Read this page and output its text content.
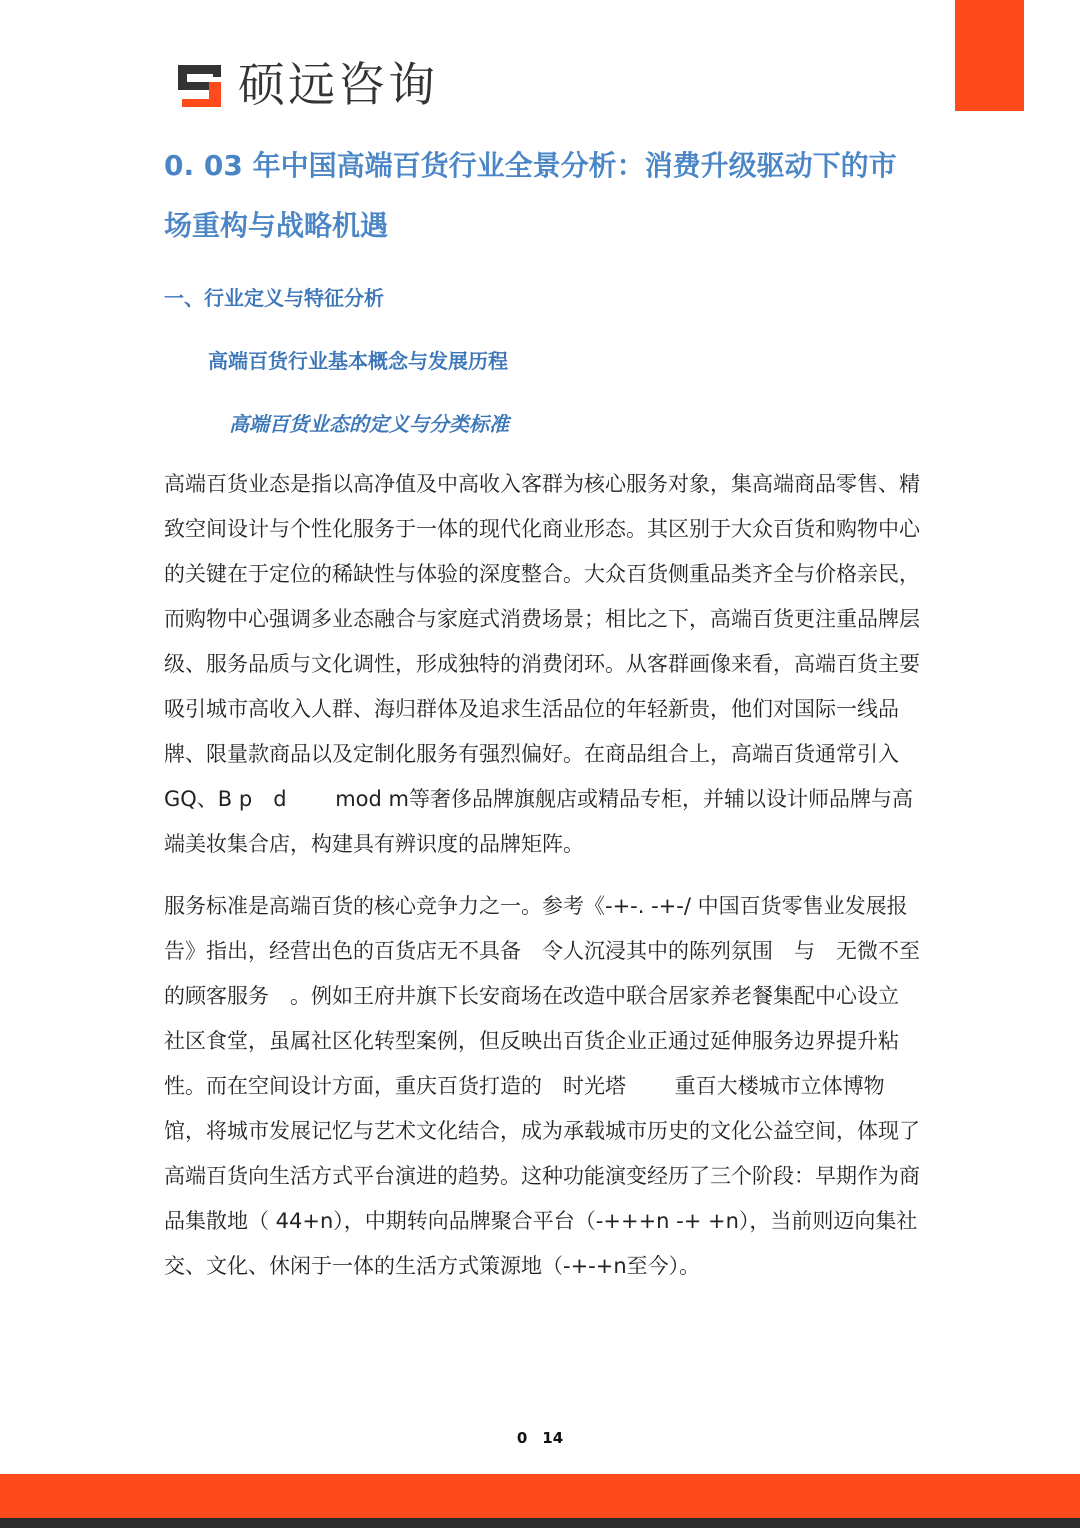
硕远咨询
0. 03 年中国高端百货行业全景分析：消费升级驱动下的市场重构与战略机遇
一、行业定义与特征分析
高端百货行业基本概念与发展历程
高端百货业态的定义与分类标准

高端百货业态是指以高净值及中高收入客群为核心服务对象，集高端商品零售、精致空间设计与个性化服务于一体的现代化商业形态。其区别于大众百货和购物中心的关键在于定位的稀缺性与体验的深度整合。大众百货侧重品类齐全与价格亲民，而购物中心强调多业态融合与家庭式消费场景；相比之下，高端百货更注重品牌层级、服务品质与文化调性，形成独特的消费闭环。从客群画像来看，高端百货主要吸引城市高收入人群、海归群体及追求生活品位的年轻新贵，他们对国际一线品牌、限量款商品以及定制化服务有强烈偏好。在商品组合上，高端百货通常引入 GQ、B p　d　　 mod m等奢侈品牌旗舰店或精品专柜，并辅以设计师品牌与高端美妆集合店，构建具有辨识度的品牌矩阵。

服务标准是高端百货的核心竞争力之一。参考《-+-. -+-/ 中国百货零售业发展报告》指出，经营出色的百货店无不具备　令人沉浸其中的陈列氛围　与　无微不至的顾客服务　。例如王府井旗下长安商场在改造中联合居家养老餐集配中心设立　社区食堂，虽属社区化转型案例，但反映出百货企业正通过延伸服务边界提升粘性。而在空间设计方面，重庆百货打造的　时光塔　　 重百大楼城市立体博物馆，将城市发展记忆与艺术文化结合，成为承载城市历史的文化公益空间，体现了高端百货向生活方式平台演进的趋势。这种功能演变经历了三个阶段：早期作为商品集散地（ 44+n），中期转向品牌聚合平台（-+++n -+ +n），当前则迈向集社交、文化、休闲于一体的生活方式策源地（-+-+n至今）。

0　14
